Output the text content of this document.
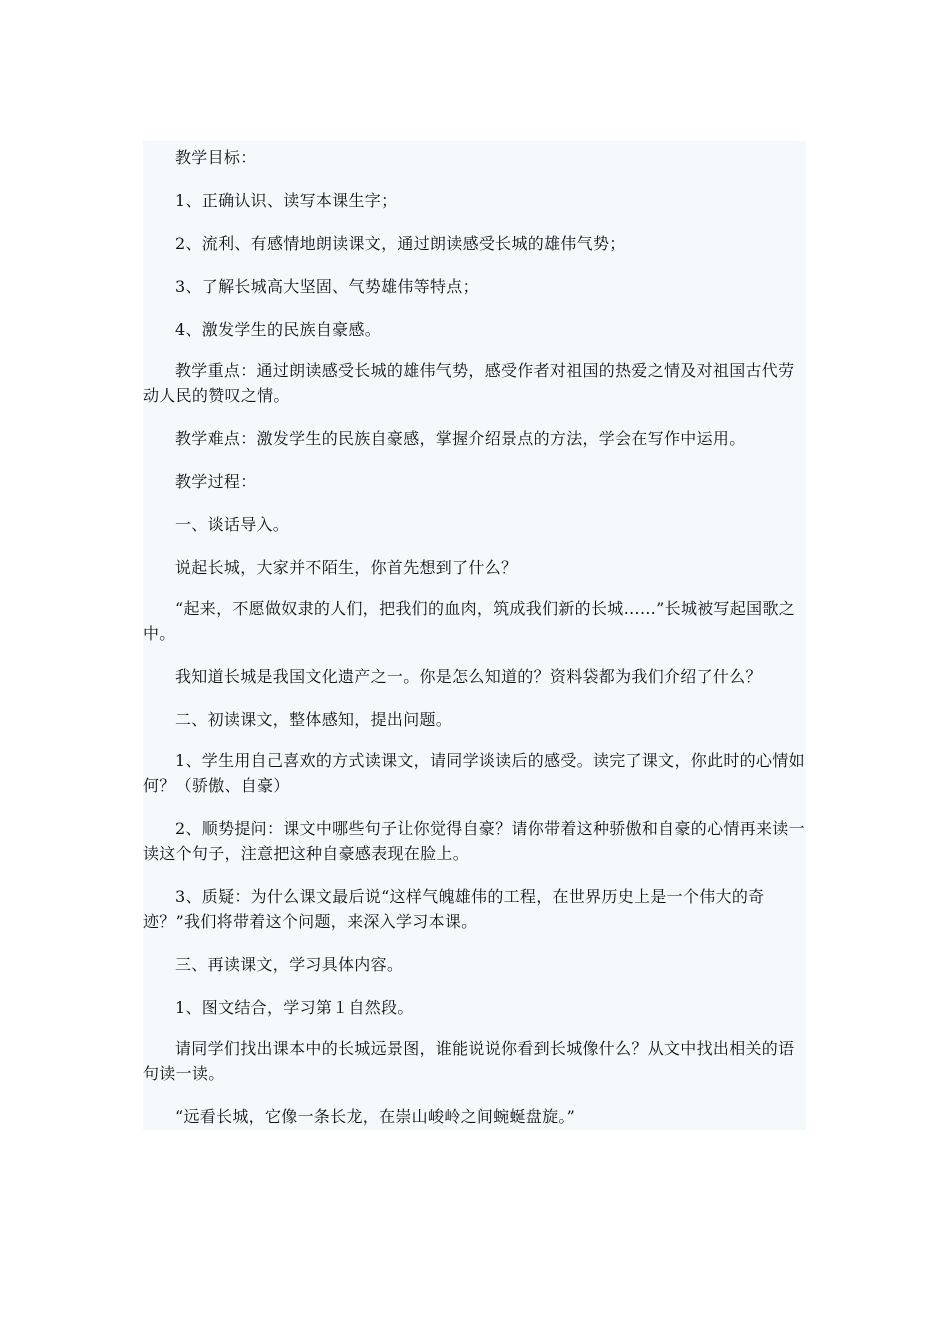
教学目标：

1、正确认识、读写本课生字；

2、流利、有感情地朗读课文，通过朗读感受长城的雄伟气势；

3、了解长城高大坚固、气势雄伟等特点；

4、激发学生的民族自豪感。

教学重点：通过朗读感受长城的雄伟气势，感受作者对祖国的热爱之情及对祖国古代劳动人民的赞叹之情。

教学难点：激发学生的民族自豪感，掌握介绍景点的方法，学会在写作中运用。

教学过程：

一、谈话导入。

说起长城，大家并不陌生，你首先想到了什么？

“起来，不愿做奴隶的人们，把我们的血肉，筑成我们新的长城……”长城被写起国歌之中。

我知道长城是我国文化遗产之一。你是怎么知道的？资料袋都为我们介绍了什么？

二、初读课文，整体感知，提出问题。

1、学生用自己喜欢的方式读课文，请同学谈读后的感受。读完了课文，你此时的心情如何？（骄傲、自豪）

2、顺势提问：课文中哪些句子让你觉得自豪？请你带着这种骄傲和自豪的心情再来读一读这个句子，注意把这种自豪感表现在脸上。

3、质疑：为什么课文最后说“这样气魄雄伟的工程，在世界历史上是一个伟大的奇迹？”我们将带着这个问题，来深入学习本课。

三、再读课文，学习具体内容。

1、图文结合，学习第１自然段。

请同学们找出课本中的长城远景图，谁能说说你看到长城像什么？从文中找出相关的语句读一读。

“远看长城，它像一条长龙，在崇山峻岭之间蜿蜒盘旋。”
